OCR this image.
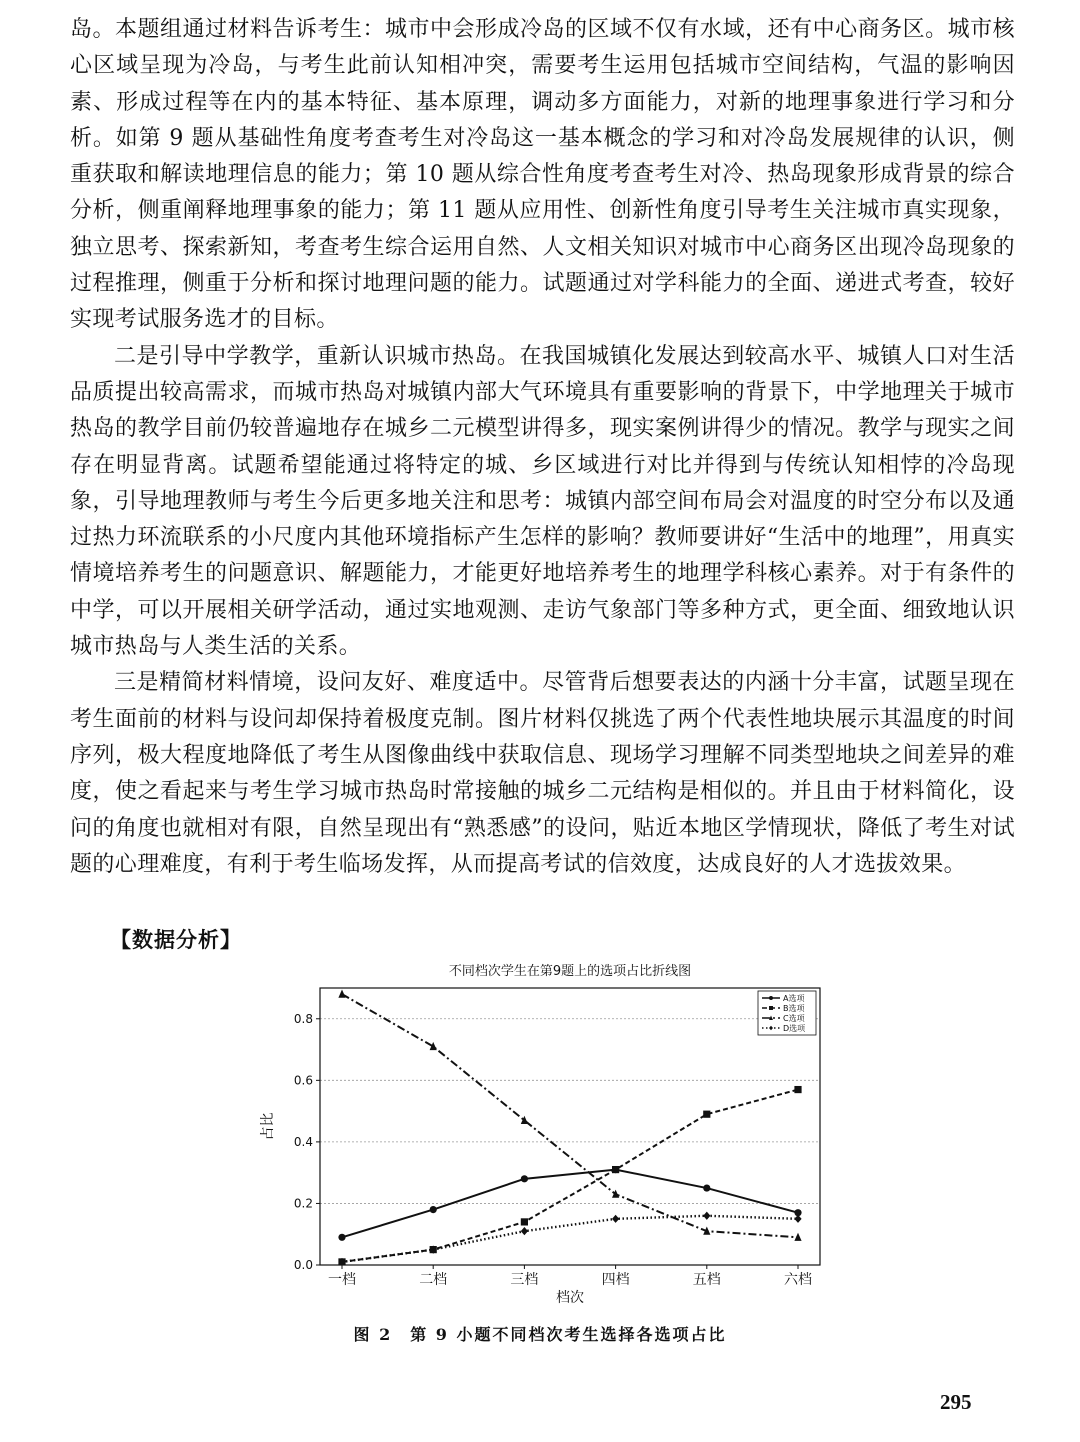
岛。本题组通过材料告诉考生：城市中会形成冷岛的区域不仅有水域，还有中心商务区。城市核心区域呈现为冷岛，与考生此前认知相冲突，需要考生运用包括城市空间结构，气温的影响因素、形成过程等在内的基本特征、基本原理，调动多方面能力，对新的地理事象进行学习和分析。如第 9 题从基础性角度考查考生对冷岛这一基本概念的学习和对冷岛发展规律的认识，侧重获取和解读地理信息的能力；第 10 题从综合性角度考查考生对冷、热岛现象形成背景的综合分析，侧重阐释地理事象的能力；第 11 题从应用性、创新性角度引导考生关注城市真实现象，独立思考、探索新知，考查考生综合运用自然、人文相关知识对城市中心商务区出现冷岛现象的过程推理，侧重于分析和探讨地理问题的能力。试题通过对学科能力的全面、递进式考查，较好实现考试服务选才的目标。

二是引导中学教学，重新认识城市热岛。在我国城镇化发展达到较高水平、城镇人口对生活品质提出较高需求，而城市热岛对城镇内部大气环境具有重要影响的背景下，中学地理关于城市热岛的教学目前仍较普遍地存在城乡二元模型讲得多，现实案例讲得少的情况。教学与现实之间存在明显背离。试题希望能通过将特定的城、乡区域进行对比并得到与传统认知相悖的冷岛现象，引导地理教师与考生今后更多地关注和思考：城镇内部空间布局会对温度的时空分布以及通过热力环流联系的小尺度内其他环境指标产生怎样的影响？教师要讲好“生活中的地理”，用真实情境培养考生的问题意识、解题能力，才能更好地培养考生的地理学科核心素养。对于有条件的中学，可以开展相关研学活动，通过实地观测、走访气象部门等多种方式，更全面、细致地认识城市热岛与人类生活的关系。

三是精简材料情境，设问友好、难度适中。尽管背后想要表达的内涵十分丰富，试题呈现在考生面前的材料与设问却保持着极度克制。图片材料仅挑选了两个代表性地块展示其温度的时间序列，极大程度地降低了考生从图像曲线中获取信息、现场学习理解不同类型地块之间差异的难度，使之看起来与考生学习城市热岛时常接触的城乡二元结构是相似的。并且由于材料简化，设问的角度也就相对有限，自然呈现出有“熟悉感”的设问，贴近本地区学情现状，降低了考生对试题的心理难度，有利于考生临场发挥，从而提高考试的信效度，达成良好的人才选拔效果。

【数据分析】
不同档次学生在第9题上的选项占比折线图
占比
档次
0.0
0.2
0.4
0.6
0.8
一档	二档	三档	四档	五档	六档
A选项
B选项
C选项
D选项
图 2　第 9 小题不同档次考生选择各选项占比
295
